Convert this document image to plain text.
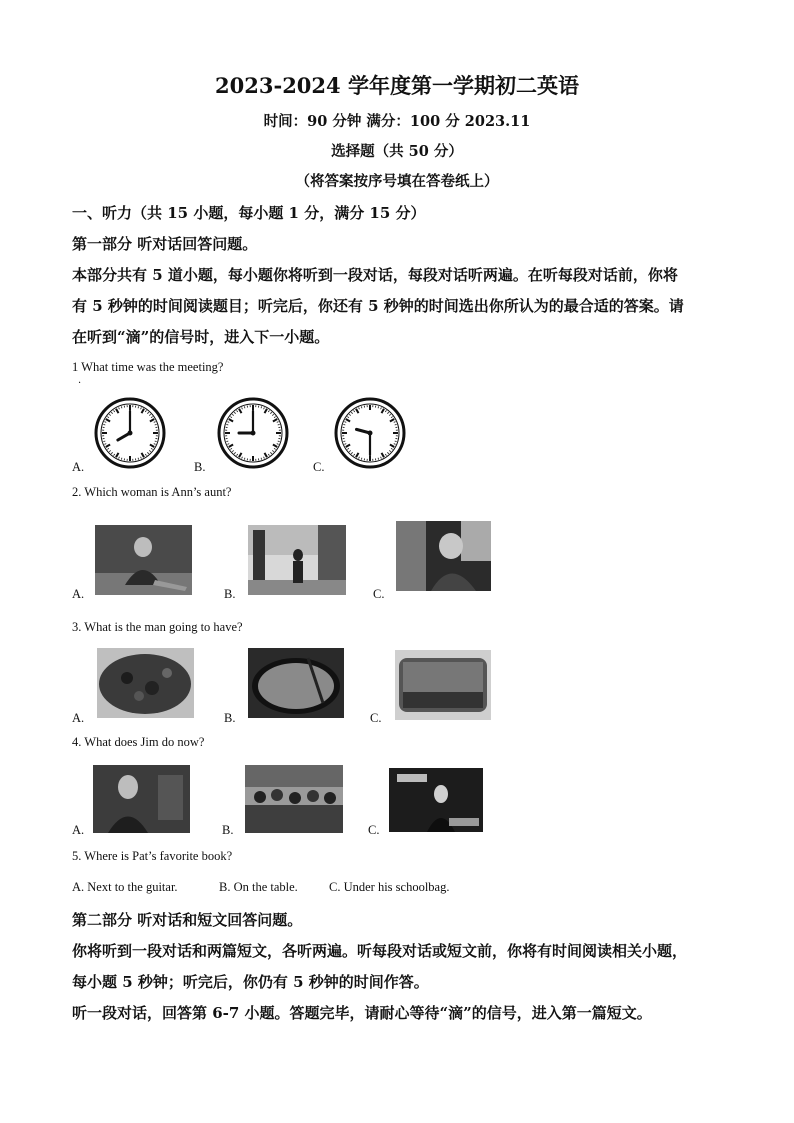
2023-2024 学年度第一学期初二英语
时间：90 分钟 满分：100 分 2023.11
选择题（共 50 分）
（将答案按序号填在答卷纸上）
一、听力（共 15 小题，每小题 1 分，满分 15 分）
第一部分 听对话回答问题。
本部分共有 5 道小题，每小题你将听到一段对话，每段对话听两遍。在听每段对话前，你将
有 5 秒钟的时间阅读题目；听完后，你还有 5 秒钟的时间选出你所认为的最合适的答案。请
在听到“滴”的信号时，进入下一小题。
1 What time was the meeting?
·
A.	B.	C.
2. Which woman is Ann’s aunt?
A.	B.	C.
3. What is the man going to have?
A.	B.	C.
4. What does Jim do now?
A.	B.	C.
5. Where is Pat’s favorite book?
A. Next to the guitar.	B. On the table. C. Under his schoolbag.
第二部分 听对话和短文回答问题。
你将听到一段对话和两篇短文，各听两遍。听每段对话或短文前，你将有时间阅读相关小题，
每小题 5 秒钟；听完后，你仍有 5 秒钟的时间作答。
听一段对话，回答第 6-7 小题。答题完毕，请耐心等待“滴”的信号，进入第一篇短文。
